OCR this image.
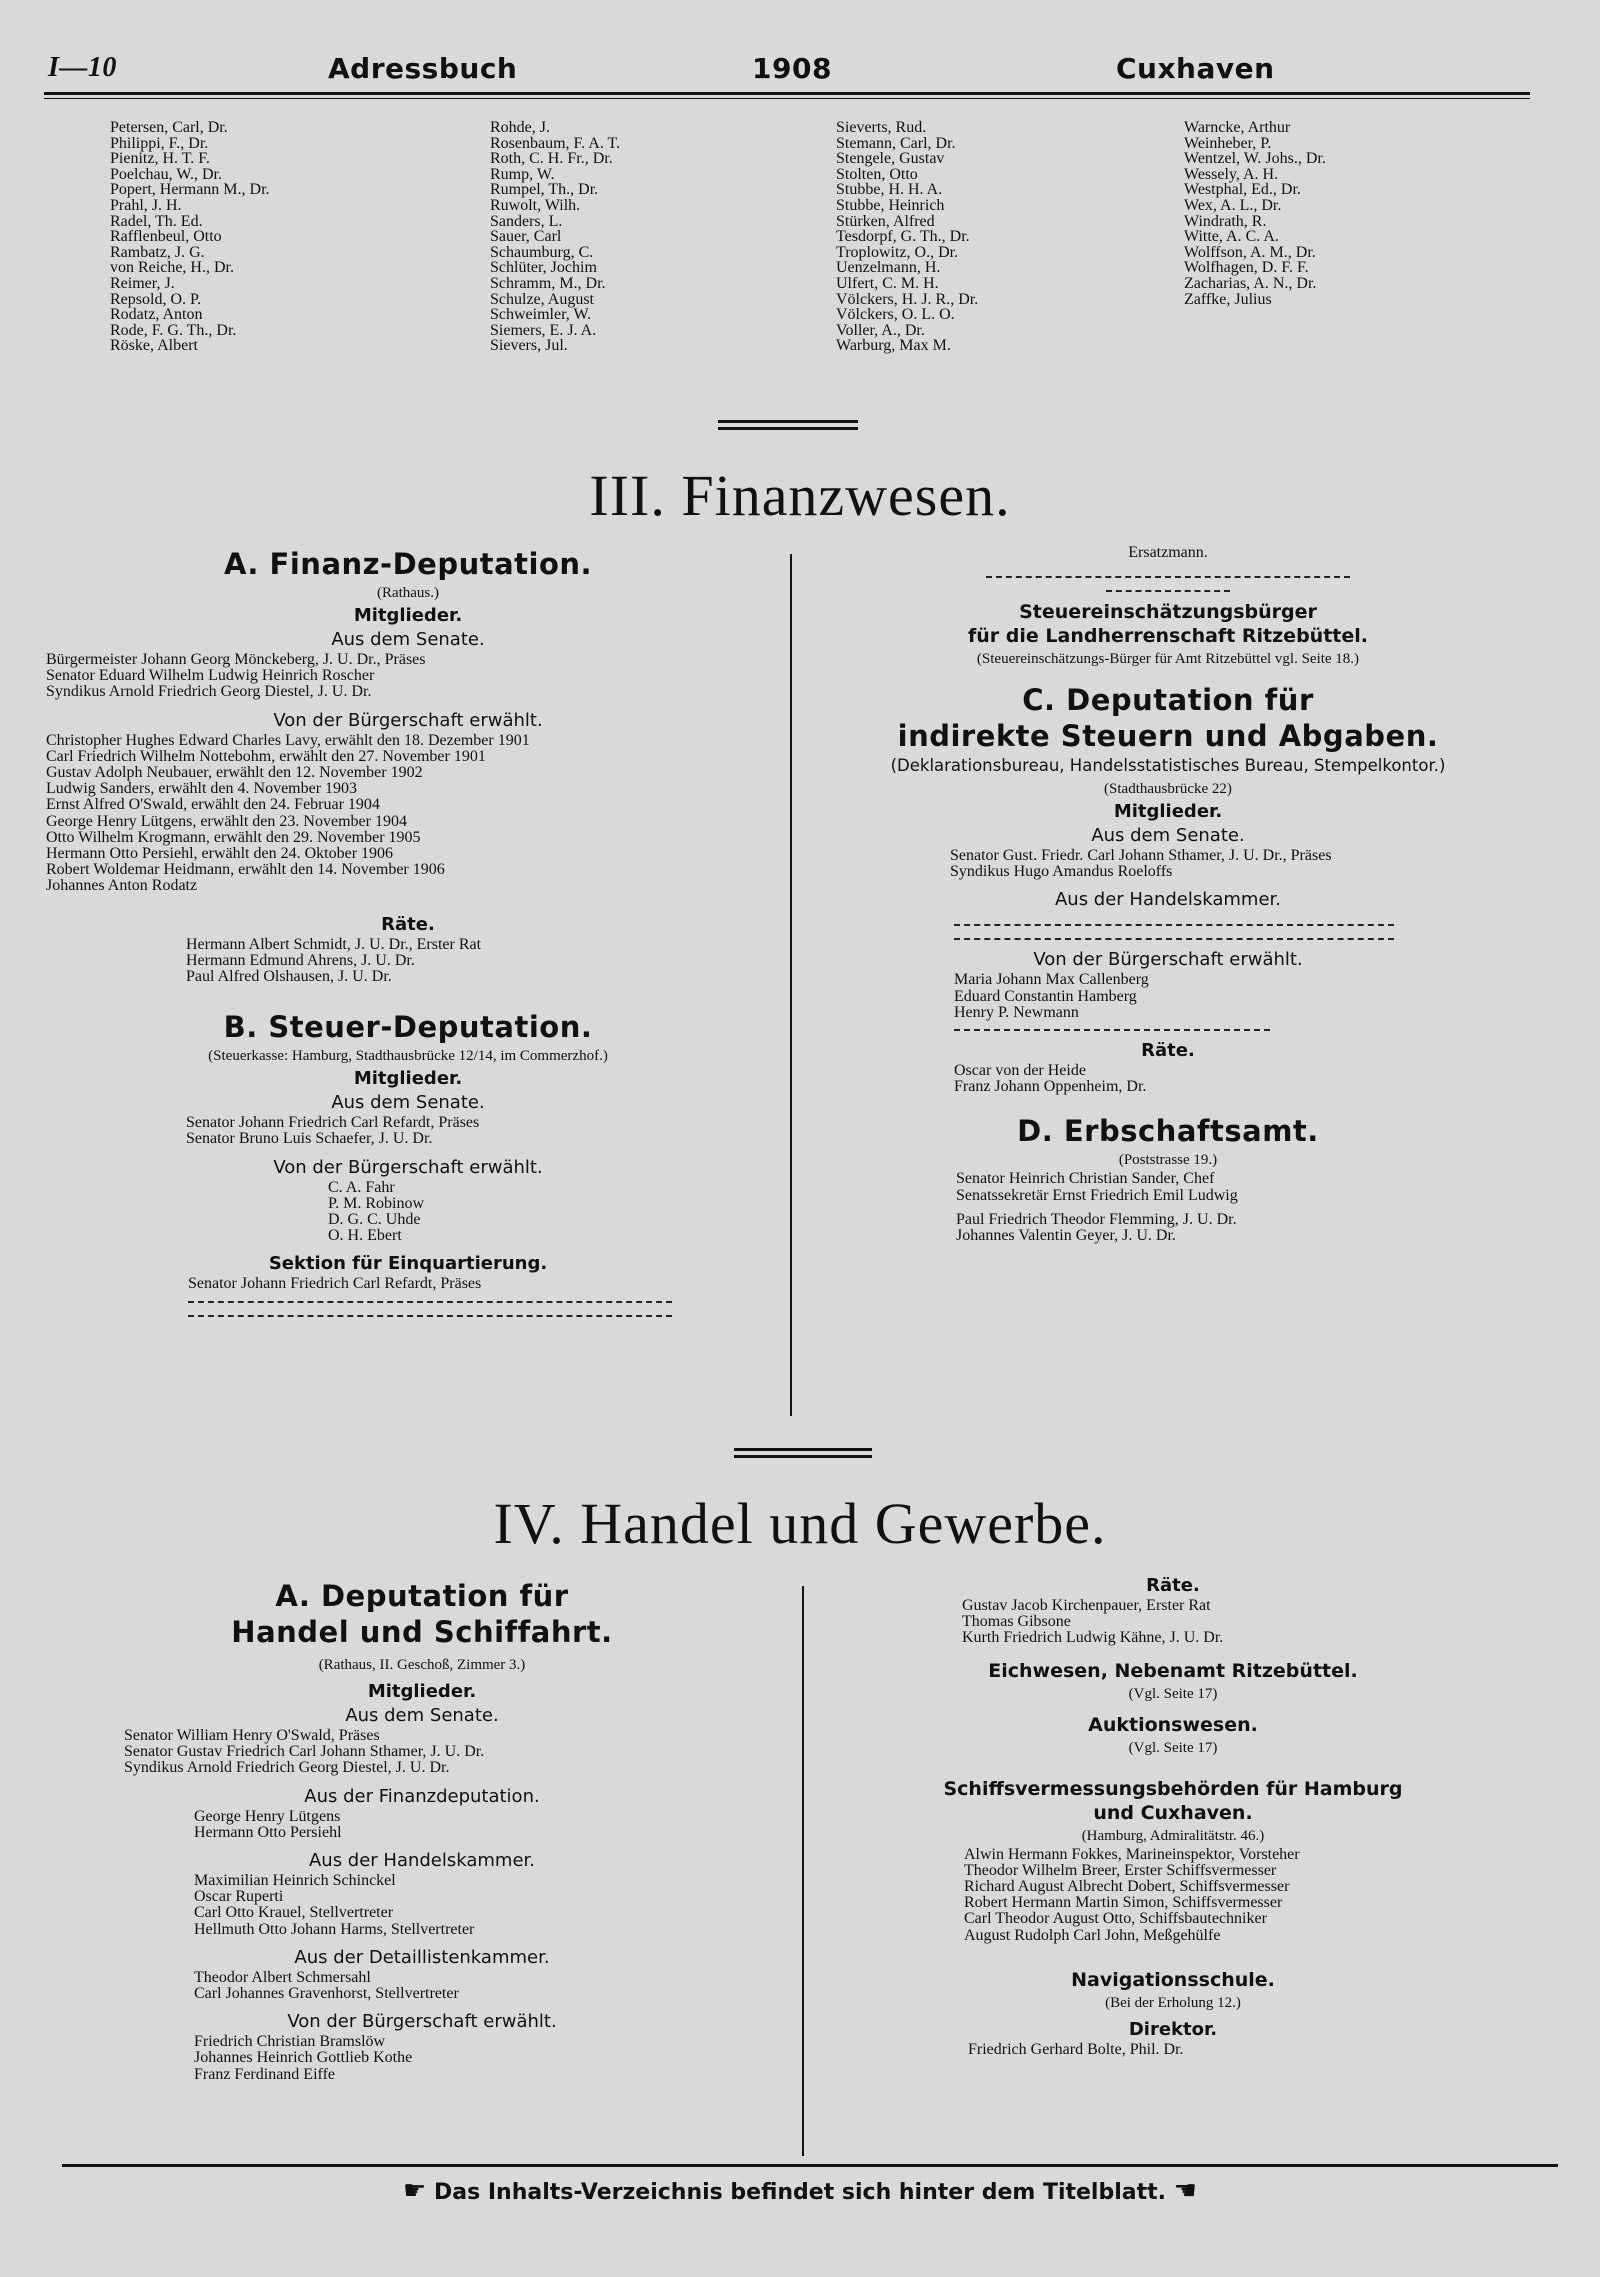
I—10	Adressbuch	1908	Cuxhaven
Petersen, Carl, Dr.
Philippi, F., Dr.
Pienitz, H. T. F.
Poelchau, W., Dr.
Popert, Hermann M., Dr.
Prahl, J. H.
Radel, Th. Ed.
Rafflenbeul, Otto
Rambatz, J. G.
von Reiche, H., Dr.
Reimer, J.
Repsold, O. P.
Rodatz, Anton
Rode, F. G. Th., Dr.
Röske, Albert
Rohde, J.
Rosenbaum, F. A. T.
Roth, C. H. Fr., Dr.
Rump, W.
Rumpel, Th., Dr.
Ruwolt, Wilh.
Sanders, L.
Sauer, Carl
Schaumburg, C.
Schlüter, Jochim
Schramm, M., Dr.
Schulze, August
Schweimler, W.
Siemers, E. J. A.
Sievers, Jul.
Sieverts, Rud.
Stemann, Carl, Dr.
Stengele, Gustav
Stolten, Otto
Stubbe, H. H. A.
Stubbe, Heinrich
Stürken, Alfred
Tesdorpf, G. Th., Dr.
Troplowitz, O., Dr.
Uenzelmann, H.
Ulfert, C. M. H.
Völckers, H. J. R., Dr.
Völckers, O. L. O.
Voller, A., Dr.
Warburg, Max M.
Warncke, Arthur
Weinheber, P.
Wentzel, W. Johs., Dr.
Wessely, A. H.
Westphal, Ed., Dr.
Wex, A. L., Dr.
Windrath, R.
Witte, A. C. A.
Wolffson, A. M., Dr.
Wolfhagen, D. F. F.
Zacharias, A. N., Dr.
Zaffke, Julius
III. Finanzwesen.
A. Finanz-Deputation.
(Rathaus.)
Mitglieder.
Aus dem Senate.
Bürgermeister Johann Georg Mönckeberg, J. U. Dr., Präses
Senator Eduard Wilhelm Ludwig Heinrich Roscher
Syndikus Arnold Friedrich Georg Diestel, J. U. Dr.
Von der Bürgerschaft erwählt.
Christopher Hughes Edward Charles Lavy, erwählt den 18. Dezember 1901
Carl Friedrich Wilhelm Nottebohm, erwählt den 27. November 1901
Gustav Adolph Neubauer, erwählt den 12. November 1902
Ludwig Sanders, erwählt den 4. November 1903
Ernst Alfred O'Swald, erwählt den 24. Februar 1904
George Henry Lütgens, erwählt den 23. November 1904
Otto Wilhelm Krogmann, erwählt den 29. November 1905
Hermann Otto Persiehl, erwählt den 24. Oktober 1906
Robert Woldemar Heidmann, erwählt den 14. November 1906
Johannes Anton Rodatz
Räte.
Hermann Albert Schmidt, J. U. Dr., Erster Rat
Hermann Edmund Ahrens, J. U. Dr.
Paul Alfred Olshausen, J. U. Dr.
B. Steuer-Deputation.
(Steuerkasse: Hamburg, Stadthausbrücke 12/14, im Commerzhof.)
Mitglieder.
Aus dem Senate.
Senator Johann Friedrich Carl Refardt, Präses
Senator Bruno Luis Schaefer, J. U. Dr.
Von der Bürgerschaft erwählt.
C. A. Fahr
P. M. Robinow
D. G. C. Uhde
O. H. Ebert
Sektion für Einquartierung.
Senator Johann Friedrich Carl Refardt, Präses
Ersatzmann.
Steuereinschätzungsbürger
für die Landherrenschaft Ritzebüttel.
(Steuereinschätzungs-Bürger für Amt Ritzebüttel vgl. Seite 18.)
C. Deputation für
indirekte Steuern und Abgaben.
(Deklarationsbureau, Handelsstatistisches Bureau, Stempelkontor.)
(Stadthausbrücke 22)
Mitglieder.
Aus dem Senate.
Senator Gust. Friedr. Carl Johann Sthamer, J. U. Dr., Präses
Syndikus Hugo Amandus Roeloffs
Aus der Handelskammer.
Von der Bürgerschaft erwählt.
Maria Johann Max Callenberg
Eduard Constantin Hamberg
Henry P. Newmann
Räte.
Oscar von der Heide
Franz Johann Oppenheim, Dr.
D. Erbschaftsamt.
(Poststrasse 19.)
Senator Heinrich Christian Sander, Chef
Senatssekretär Ernst Friedrich Emil Ludwig
Paul Friedrich Theodor Flemming, J. U. Dr.
Johannes Valentin Geyer, J. U. Dr.
IV. Handel und Gewerbe.
A. Deputation für
Handel und Schiffahrt.
(Rathaus, II. Geschoß, Zimmer 3.)
Mitglieder.
Aus dem Senate.
Senator William Henry O'Swald, Präses
Senator Gustav Friedrich Carl Johann Sthamer, J. U. Dr.
Syndikus Arnold Friedrich Georg Diestel, J. U. Dr.
Aus der Finanzdeputation.
George Henry Lütgens
Hermann Otto Persiehl
Aus der Handelskammer.
Maximilian Heinrich Schinckel
Oscar Ruperti
Carl Otto Krauel, Stellvertreter
Hellmuth Otto Johann Harms, Stellvertreter
Aus der Detaillistenkammer.
Theodor Albert Schmersahl
Carl Johannes Gravenhorst, Stellvertreter
Von der Bürgerschaft erwählt.
Friedrich Christian Bramslöw
Johannes Heinrich Gottlieb Kothe
Franz Ferdinand Eiffe
Räte.
Gustav Jacob Kirchenpauer, Erster Rat
Thomas Gibsone
Kurth Friedrich Ludwig Kähne, J. U. Dr.
Eichwesen, Nebenamt Ritzebüttel.
(Vgl. Seite 17)
Auktionswesen.
(Vgl. Seite 17)
Schiffsvermessungsbehörden für Hamburg
und Cuxhaven.
(Hamburg, Admiralitätstr. 46.)
Alwin Hermann Fokkes, Marineinspektor, Vorsteher
Theodor Wilhelm Breer, Erster Schiffsvermesser
Richard August Albrecht Dobert, Schiffsvermesser
Robert Hermann Martin Simon, Schiffsvermesser
Carl Theodor August Otto, Schiffsbautechniker
August Rudolph Carl John, Meßgehülfe
Navigationsschule.
(Bei der Erholung 12.)
Direktor.
Friedrich Gerhard Bolte, Phil. Dr.
☛ Das Inhalts-Verzeichnis befindet sich hinter dem Titelblatt. ☚
